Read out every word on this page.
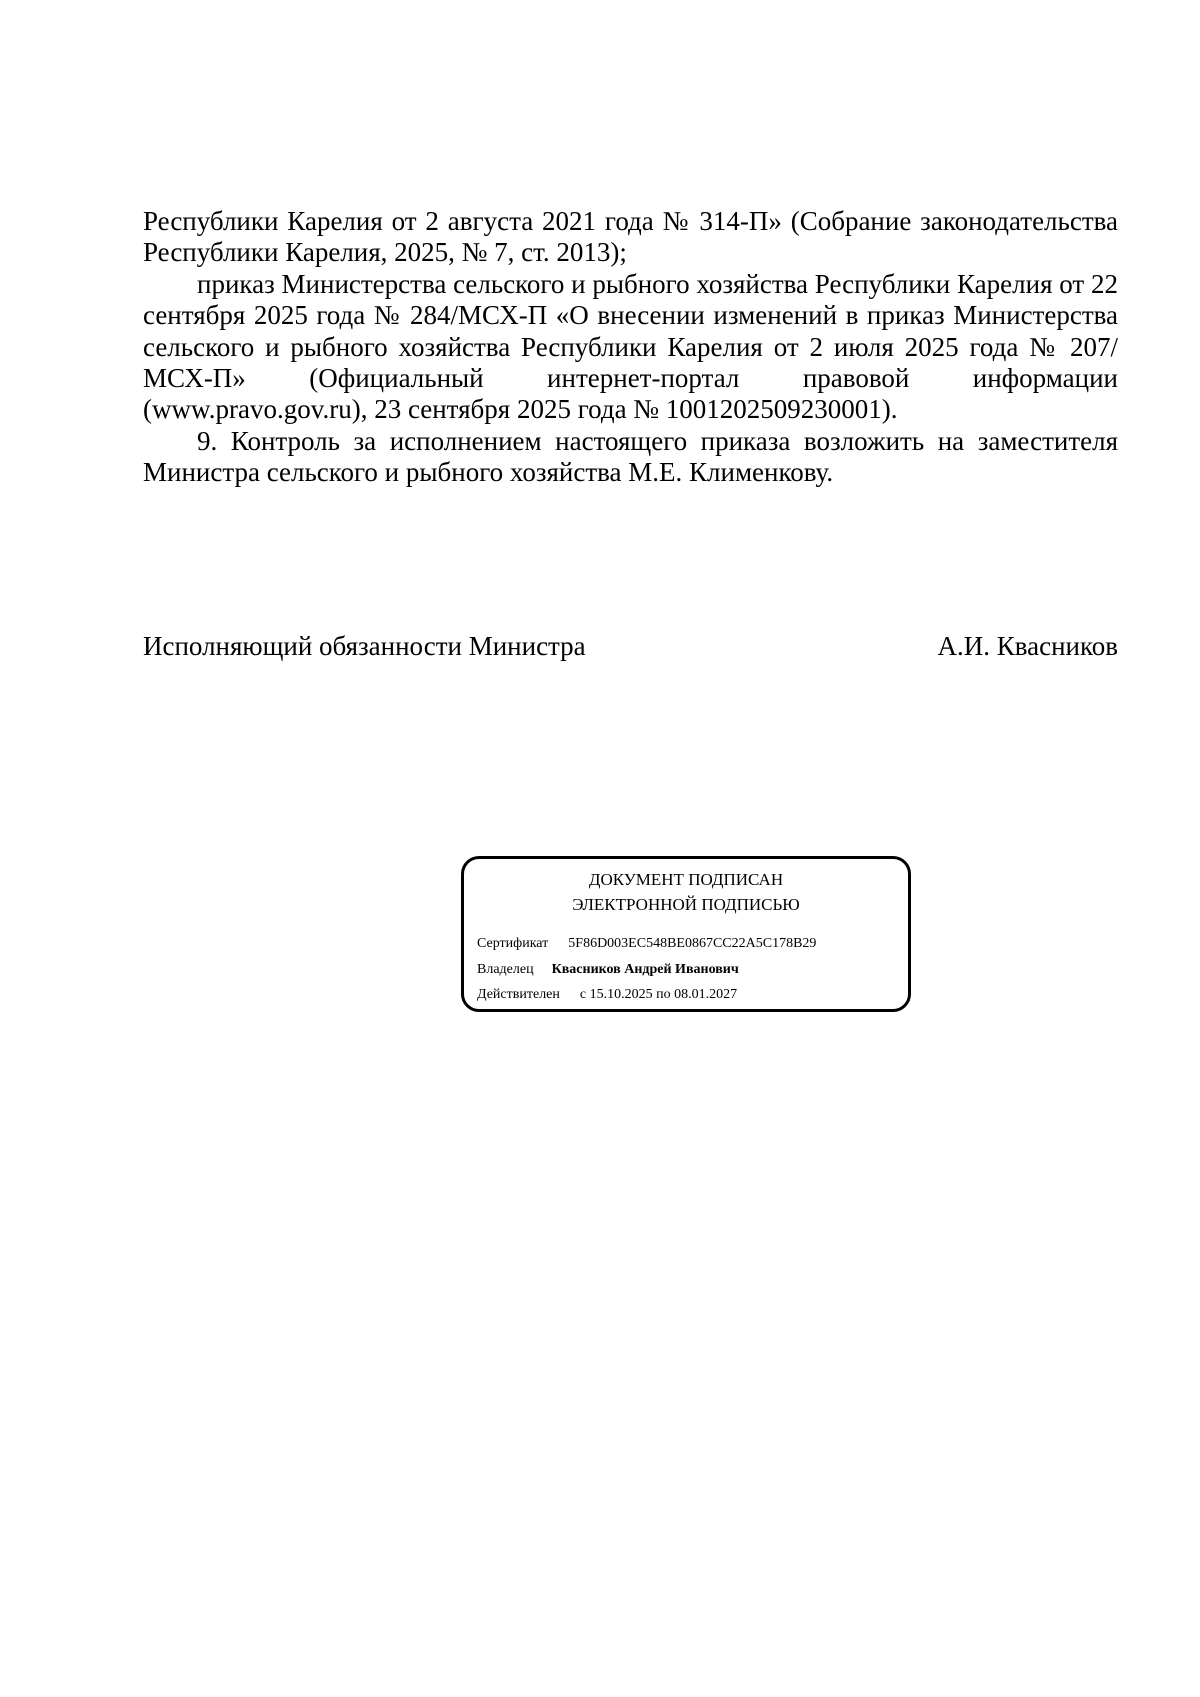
Республики Карелия от 2 августа 2021 года № 314-П» (Собрание законодательства Республики Карелия, 2025, № 7, ст. 2013);

приказ Министерства сельского и рыбного хозяйства Республики Карелия от 22 сентября 2025 года № 284/МСХ-П «О внесении изменений в приказ Министерства сельского и рыбного хозяйства Республики Карелия от 2 июля 2025 года № 207/МСХ-П» (Официальный интернет-портал правовой информации (www.pravo.gov.ru), 23 сентября 2025 года № 1001202509230001).

9. Контроль за исполнением настоящего приказа возложить на заместителя Министра сельского и рыбного хозяйства М.Е. Клименкову.

Исполняющий обязанности Министра	А.И. Квасников
ДОКУМЕНТ ПОДПИСАН
ЭЛЕКТРОННОЙ ПОДПИСЬЮ
Сертификат 5F86D003EC548BE0867CC22A5C178B29
Владелец Квасников Андрей Иванович
Действителен с 15.10.2025 по 08.01.2027
